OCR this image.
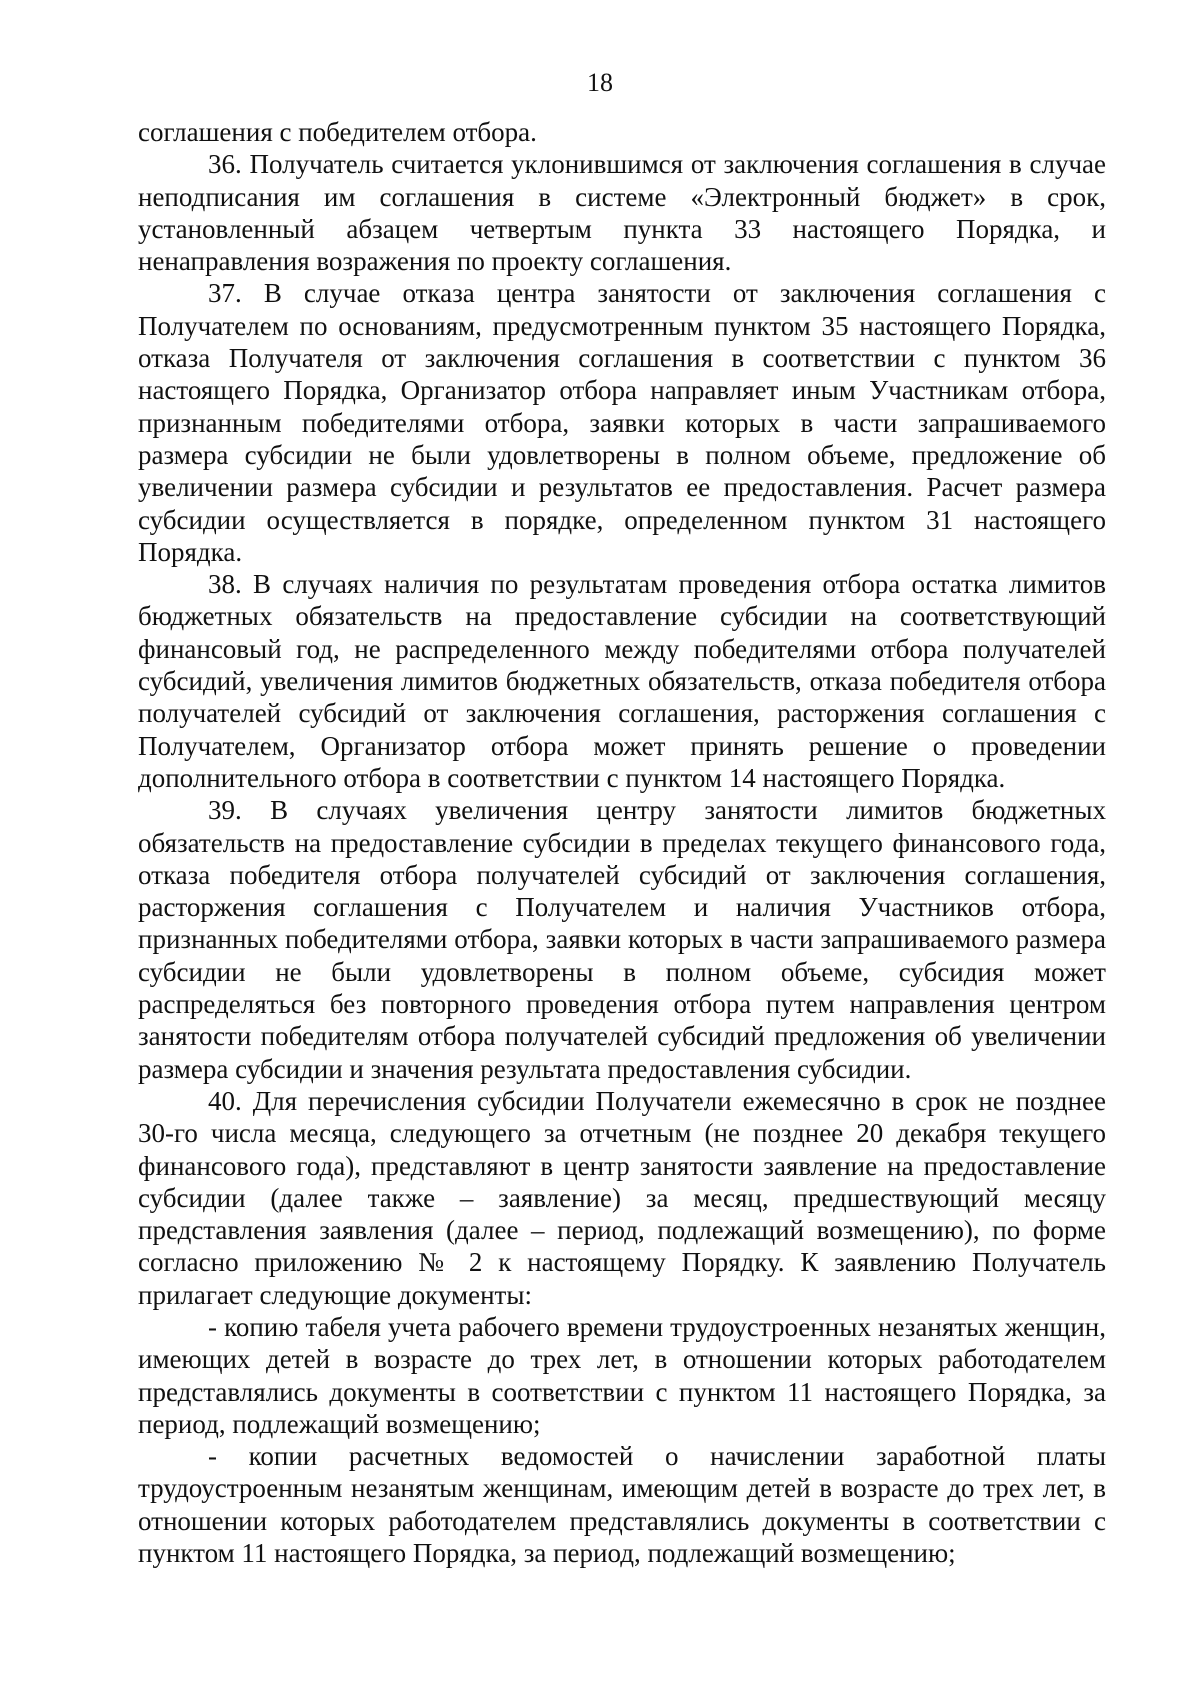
18

соглашения с победителем отбора.

36. Получатель считается уклонившимся от заключения соглашения в случае неподписания им соглашения в системе «Электронный бюджет» в срок, установленный абзацем четвертым пункта 33 настоящего Порядка, и ненаправления возражения по проекту соглашения.

37. В случае отказа центра занятости от заключения соглашения с Получателем по основаниям, предусмотренным пунктом 35 настоящего Порядка, отказа Получателя от заключения соглашения в соответствии с пунктом 36 настоящего Порядка, Организатор отбора направляет иным Участникам отбора, признанным победителями отбора, заявки которых в части запрашиваемого размера субсидии не были удовлетворены в полном объеме, предложение об увеличении размера субсидии и результатов ее предоставления. Расчет размера субсидии осуществляется в порядке, определенном пунктом 31 настоящего Порядка.

38. В случаях наличия по результатам проведения отбора остатка лимитов бюджетных обязательств на предоставление субсидии на соответствующий финансовый год, не распределенного между победителями отбора получателей субсидий, увеличения лимитов бюджетных обязательств, отказа победителя отбора получателей субсидий от заключения соглашения, расторжения соглашения с Получателем, Организатор отбора может принять решение о проведении дополнительного отбора в соответствии с пунктом 14 настоящего Порядка.

39. В случаях увеличения центру занятости лимитов бюджетных обязательств на предоставление субсидии в пределах текущего финансового года, отказа победителя отбора получателей субсидий от заключения соглашения, расторжения соглашения с Получателем и наличия Участников отбора, признанных победителями отбора, заявки которых в части запрашиваемого размера субсидии не были удовлетворены в полном объеме, субсидия может распределяться без повторного проведения отбора путем направления центром занятости победителям отбора получателей субсидий предложения об увеличении размера субсидии и значения результата предоставления субсидии.

40. Для перечисления субсидии Получатели ежемесячно в срок не позднее 30-го числа месяца, следующего за отчетным (не позднее 20 декабря текущего финансового года), представляют в центр занятости заявление на предоставление субсидии (далее также – заявление) за месяц, предшествующий месяцу представления заявления (далее – период, подлежащий возмещению), по форме согласно приложению № 2 к настоящему Порядку. К заявлению Получатель прилагает следующие документы:

- копию табеля учета рабочего времени трудоустроенных незанятых женщин, имеющих детей в возрасте до трех лет, в отношении которых работодателем представлялись документы в соответствии с пунктом 11 настоящего Порядка, за период, подлежащий возмещению;

- копии расчетных ведомостей о начислении заработной платы трудоустроенным незанятым женщинам, имеющим детей в возрасте до трех лет, в отношении которых работодателем представлялись документы в соответствии с пунктом 11 настоящего Порядка, за период, подлежащий возмещению;
